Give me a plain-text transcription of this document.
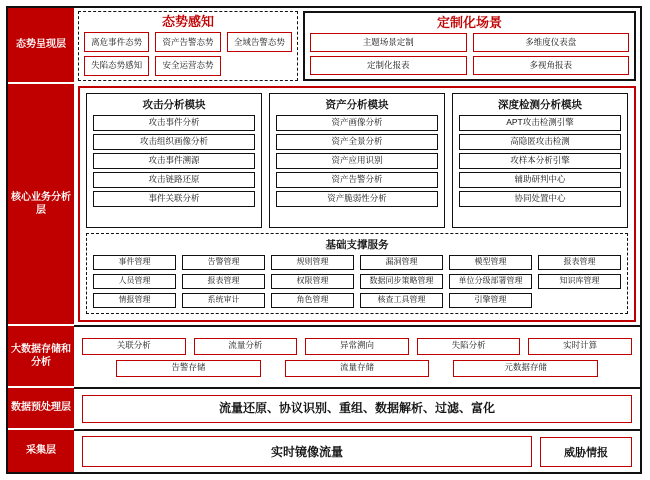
态势呈现层
核心业务分析层
大数据存储和分析
数据预处理层
采集层
态势感知
离危事件态势	资产告警态势	全域告警态势
失陷态势感知	安全运营态势
定制化场景
主题场景定制	多维度仪表盘
定制化报表	多视角报表
攻击分析模块
攻击事件分析
攻击组织画像分析
攻击事件溯源
攻击链路还原
事件关联分析
资产分析模块
资产画像分析
资产全景分析
资产应用识别
资产告警分析
资产脆弱性分析
深度检测分析模块
APT攻击检测引擎
高隐匿攻击检测
攻样本分析引擎
辅助研判中心
协同处置中心
基础支撑服务
事件管理	告警管理	规则管理	漏洞管理	模型管理	报表管理
人员管理	报表管理	权限管理	数据同步策略管理	单位分级部署管理	知识库管理
情报管理	系统审计	角色管理	核查工具管理	引擎管理
关联分析	流量分析	异常溯向	失陷分析	实时计算
告警存储	流量存储	元数据存储
流量还原、协议识别、重组、数据解析、过滤、富化
实时镜像流量	威胁情报
